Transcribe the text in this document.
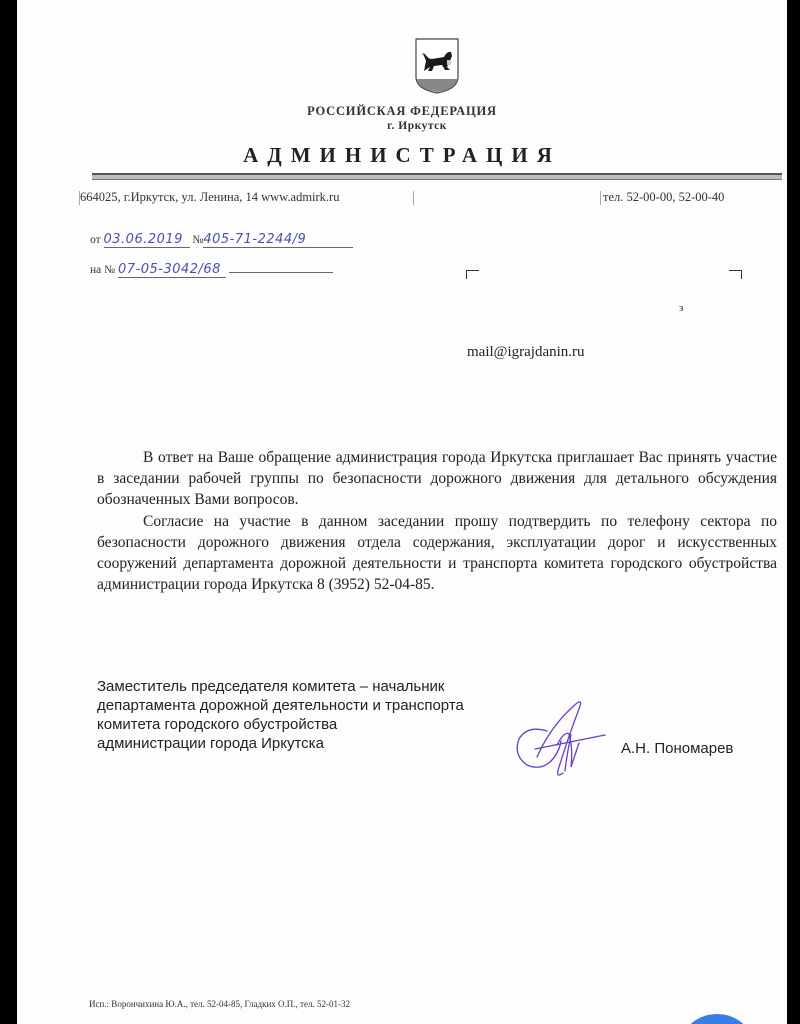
РОССИЙСКАЯ ФЕДЕРАЦИЯ
г. Иркутск
АДМИНИСТРАЦИЯ
664025, г.Иркутск, ул. Ленина, 14 www.admirk.ru	тел. 52-00-00, 52-00-40
от 03.06.2019 №405-71-2244/9
на № 07-05-3042/68
з
mail@igrajdanin.ru

В ответ на Ваше обращение администрация города Иркутска приглашает Вас принять участие в заседании рабочей группы по безопасности дорожного движения для детального обсуждения обозначенных Вами вопросов.

Согласие на участие в данном заседании прошу подтвердить по телефону сектора по безопасности дорожного движения отдела содержания, эксплуатации дорог и искусственных сооружений департамента дорожной деятельности и транспорта комитета городского обустройства администрации города Иркутска 8 (3952) 52-04-85.

Заместитель председателя комитета – начальник
департамента дорожной деятельности и транспорта
комитета городского обустройства
администрации города Иркутска	А.Н. Пономарев
Исп.: Ворончихина Ю.А., тел. 52-04-85, Гладких О.П., тел. 52-01-32
